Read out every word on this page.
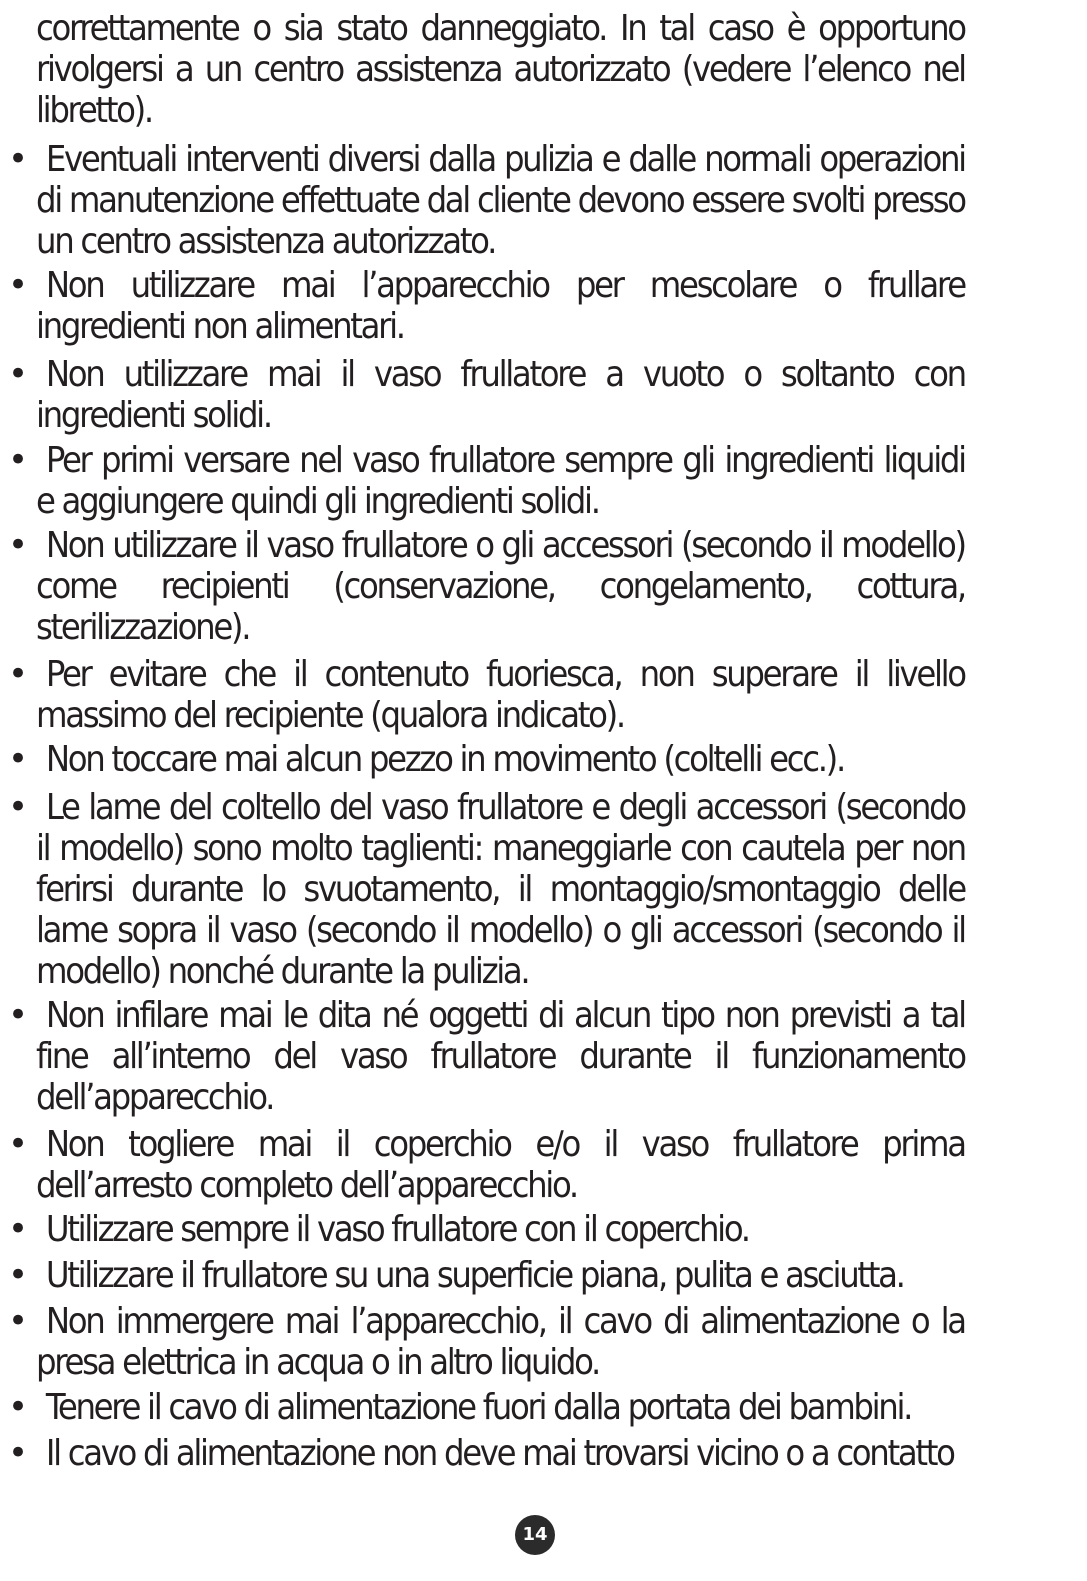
correttamente o sia stato danneggiato. In tal caso è opportuno rivolgersi a un centro assistenza autorizzato (vedere l’elenco nel libretto).
• Eventuali interventi diversi dalla pulizia e dalle normali operazioni di manutenzione effettuate dal cliente devono essere svolti presso un centro assistenza autorizzato.
• Non utilizzare mai l’apparecchio per mescolare o frullare ingredienti non alimentari.
• Non utilizzare mai il vaso frullatore a vuoto o soltanto con ingredienti solidi.
• Per primi versare nel vaso frullatore sempre gli ingredienti liquidi e aggiungere quindi gli ingredienti solidi.
• Non utilizzare il vaso frullatore o gli accessori (secondo il modello) come recipienti (conservazione, congelamento, cottura, sterilizzazione).
• Per evitare che il contenuto fuoriesca, non superare il livello massimo del recipiente (qualora indicato).
• Non toccare mai alcun pezzo in movimento (coltelli ecc.).
• Le lame del coltello del vaso frullatore e degli accessori (secondo il modello) sono molto taglienti: maneggiarle con cautela per non ferirsi durante lo svuotamento, il montaggio/smontaggio delle lame sopra il vaso (secondo il modello) o gli accessori (secondo il modello) nonché durante la pulizia.
• Non infilare mai le dita né oggetti di alcun tipo non previsti a tal fine all’interno del vaso frullatore durante il funzionamento dell’apparecchio.
• Non togliere mai il coperchio e/o il vaso frullatore prima dell’arresto completo dell’apparecchio.
• Utilizzare sempre il vaso frullatore con il coperchio.
• Utilizzare il frullatore su una superficie piana, pulita e asciutta.
• Non immergere mai l’apparecchio, il cavo di alimentazione o la presa elettrica in acqua o in altro liquido.
• Tenere il cavo di alimentazione fuori dalla portata dei bambini.
• Il cavo di alimentazione non deve mai trovarsi vicino o a contatto
14
